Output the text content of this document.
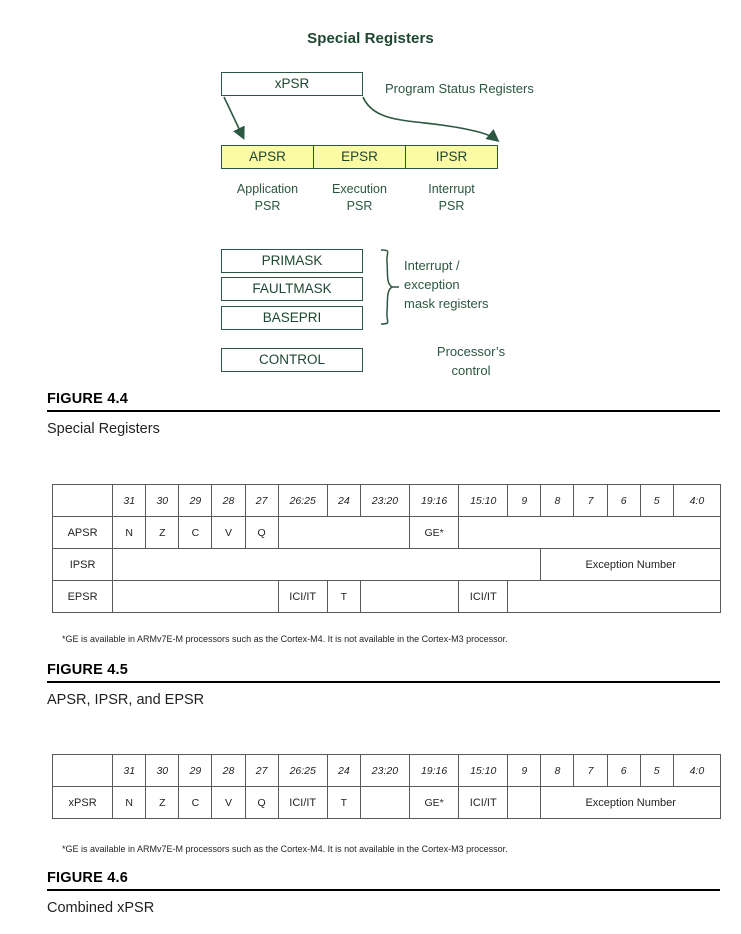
Special Registers
xPSR	Program Status Registers
APSR	EPSR	IPSR
Application
PSR
Execution
PSR
Interrupt
PSR
PRIMASK
FAULTMASK
BASEPRI
Interrupt /
exception
mask registers
CONTROL
Processor’s
control
FIGURE 4.4
Special Registers
	31	30	29	28	27	26:25	24	23:20	19:16	15:10	9	8	7	6	5	4:0
APSR	N	Z	C	V	Q				GE*							
IPSR												Exception Number				
EPSR						ICI/IT	T			ICI/IT						
*GE is available in ARMv7E-M processors such as the Cortex-M4. It is not available in the Cortex-M3 processor.
FIGURE 4.5
APSR, IPSR, and EPSR
	31	30	29	28	27	26:25	24	23:20	19:16	15:10	9	8	7	6	5	4:0
xPSR	N	Z	C	V	Q	ICI/IT	T		GE*	ICI/IT		Exception Number				
*GE is available in ARMv7E-M processors such as the Cortex-M4. It is not available in the Cortex-M3 processor.
FIGURE 4.6
Combined xPSR
